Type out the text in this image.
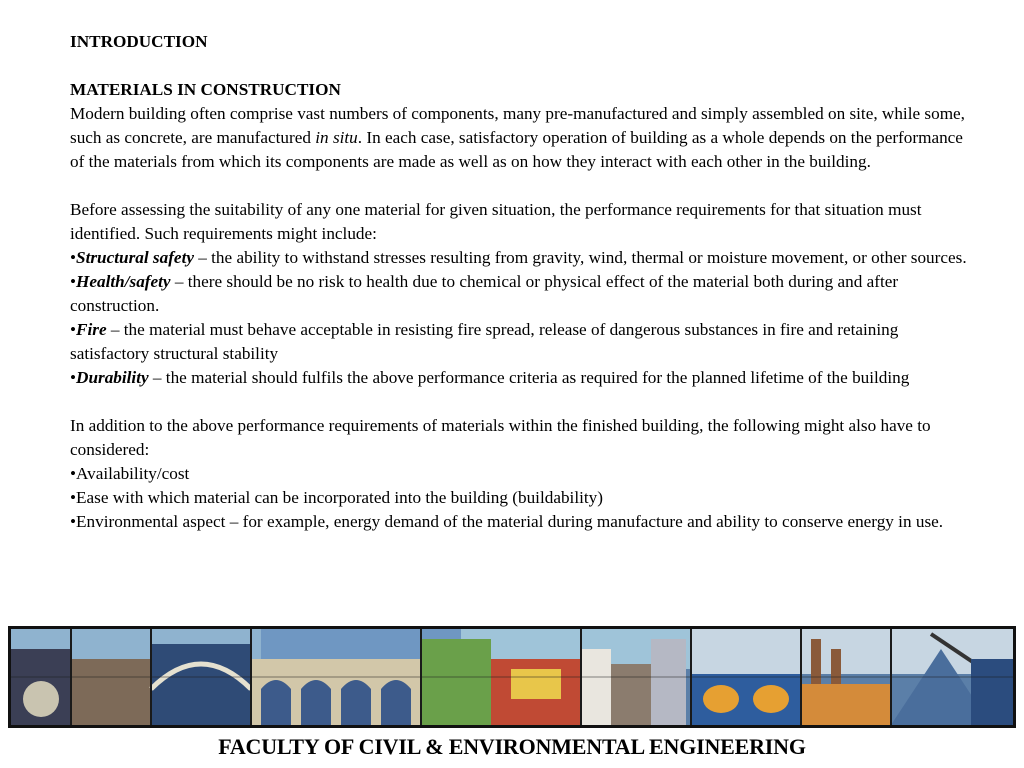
INTRODUCTION

MATERIALS IN CONSTRUCTION

Modern building often comprise vast numbers of components, many pre-manufactured and simply assembled on site, while some, such as concrete, are manufactured in situ. In each case, satisfactory operation of building as a whole depends on the performance of the materials from which its components are made as well as on how they interact with each other in the building.

Before assessing the suitability of any one material for given situation, the performance requirements for that situation must identified. Such requirements might include:

•Structural safety – the ability to withstand stresses resulting from gravity, wind, thermal or moisture movement, or other sources.

•Health/safety – there should be no risk to health due to chemical or physical effect of the material both during and after construction.

•Fire – the material must behave acceptable in resisting fire spread, release of dangerous substances in fire and retaining satisfactory structural stability

•Durability – the material should fulfils the above performance criteria as required for the planned lifetime of the building

In addition to the above performance requirements of materials within the finished building, the following might also have to considered:

•Availability/cost

•Ease with which material can be incorporated into the building (buildability)

•Environmental aspect – for example, energy demand of the material during manufacture and ability to conserve energy in use.

FACULTY OF CIVIL & ENVIRONMENTAL ENGINEERING
